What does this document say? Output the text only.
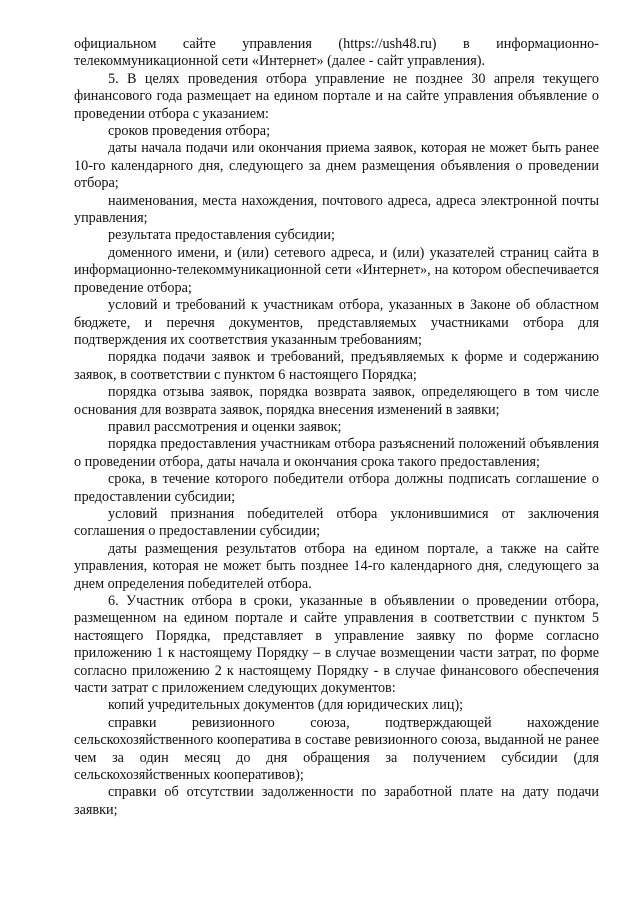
официальном сайте управления (https://ush48.ru) в информационно-телекоммуникационной сети «Интернет» (далее - сайт управления).

5. В целях проведения отбора управление не позднее 30 апреля текущего финансового года размещает на едином портале и на сайте управления объявление о проведении отбора с указанием:

сроков проведения отбора;

даты начала подачи или окончания приема заявок, которая не может быть ранее 10-го календарного дня, следующего за днем размещения объявления о проведении отбора;

наименования, места нахождения, почтового адреса, адреса электронной почты управления;

результата предоставления субсидии;

доменного имени, и (или) сетевого адреса, и (или) указателей страниц сайта в информационно-телекоммуникационной сети «Интернет», на котором обеспечивается проведение отбора;

условий и требований к участникам отбора, указанных в Законе об областном бюджете, и перечня документов, представляемых участниками отбора для подтверждения их соответствия указанным требованиям;

порядка подачи заявок и требований, предъявляемых к форме и содержанию заявок, в соответствии с пунктом 6 настоящего Порядка;

порядка отзыва заявок, порядка возврата заявок, определяющего в том числе основания для возврата заявок, порядка внесения изменений в заявки;

правил рассмотрения и оценки заявок;

порядка предоставления участникам отбора разъяснений положений объявления о проведении отбора, даты начала и окончания срока такого предоставления;

срока, в течение которого победители отбора должны подписать соглашение о предоставлении субсидии;

условий признания победителей отбора уклонившимися от заключения соглашения о предоставлении субсидии;

даты размещения результатов отбора на едином портале, а также на сайте управления, которая не может быть позднее 14-го календарного дня, следующего за днем определения победителей отбора.

6. Участник отбора в сроки, указанные в объявлении о проведении отбора, размещенном на едином портале и сайте управления в соответствии с пунктом 5 настоящего Порядка, представляет в управление заявку по форме согласно приложению 1 к настоящему Порядку – в случае возмещении части затрат, по форме согласно приложению 2 к настоящему Порядку - в случае финансового обеспечения части затрат с приложением следующих документов:

копий учредительных документов (для юридических лиц);

справки ревизионного союза, подтверждающей нахождение сельскохозяйственного кооператива в составе ревизионного союза, выданной не ранее чем за один месяц до дня обращения за получением субсидии (для сельскохозяйственных кооперативов);

справки об отсутствии задолженности по заработной плате на дату подачи заявки;
